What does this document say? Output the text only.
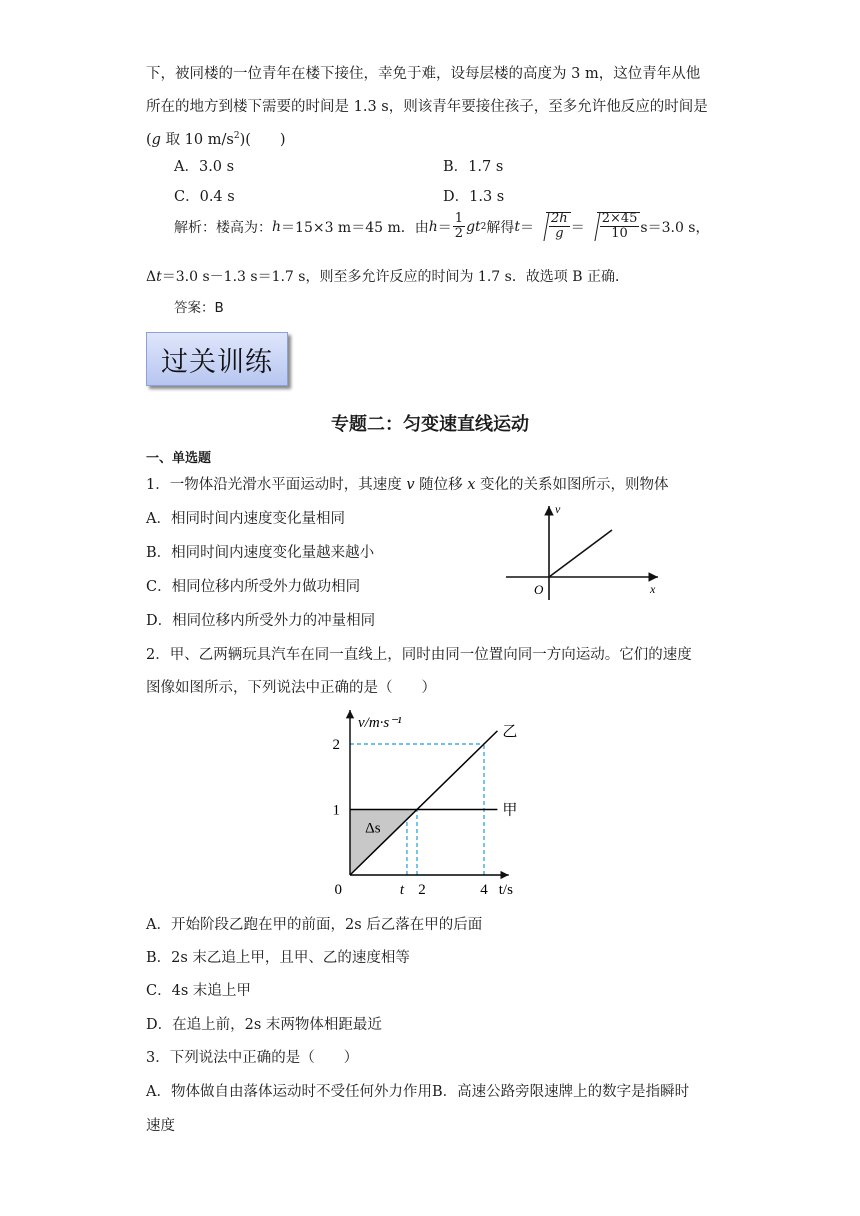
下，被同楼的一位青年在楼下接住，幸免于难，设每层楼的高度为 3 m，这位青年从他
所在的地方到楼下需要的时间是 1.3 s，则该青年要接住孩子，至多允许他反应的时间是
(g 取 10 $m/s^2$)(　　)
A．3.0 s	B．1.7 s
C．0.4 s	D．1.3 s
解析： 楼高为： h ＝15×3 m＝45 m．由 $h = \frac{1}{2}$ gt 2 解得 $t = \frac{2h}{g} = \frac{2\times 45}{10} s=3.0$ s，
Δt＝3.0 s－1.3 s＝1.7 s，则至多允许反应的时间为 1.7 s．故选项 B 正确．
答案：B
过关训练
专题二：匀变速直线运动
一、单选题
1．一物体沿光滑水平面运动时，其速度 v 随位移 x 变化的关系如图所示，则物体
A．相同时间内速度变化量相同
B．相同时间内速度变化量越来越小
C．相同位移内所受外力做功相同
D．相同位移内所受外力的冲量相同
v
x
O
2．甲、乙两辆玩具汽车在同一直线上，同时由同一位置向同一方向运动。它们的速度
图像如图所示，下列说法中正确的是（　　）
甲
乙
1
2
0	t 2	4
v/m·s⁻¹
t/s
Δs
A．开始阶段乙跑在甲的前面，2s 后乙落在甲的后面
B．2s 末乙追上甲，且甲、乙的速度相等
C．4s 末追上甲
D．在追上前，2s 末两物体相距最近
3．下列说法中正确的是（　　）
A．物体做自由落体运动时不受任何外力作用B．高速公路旁限速牌上的数字是指瞬时
速度
